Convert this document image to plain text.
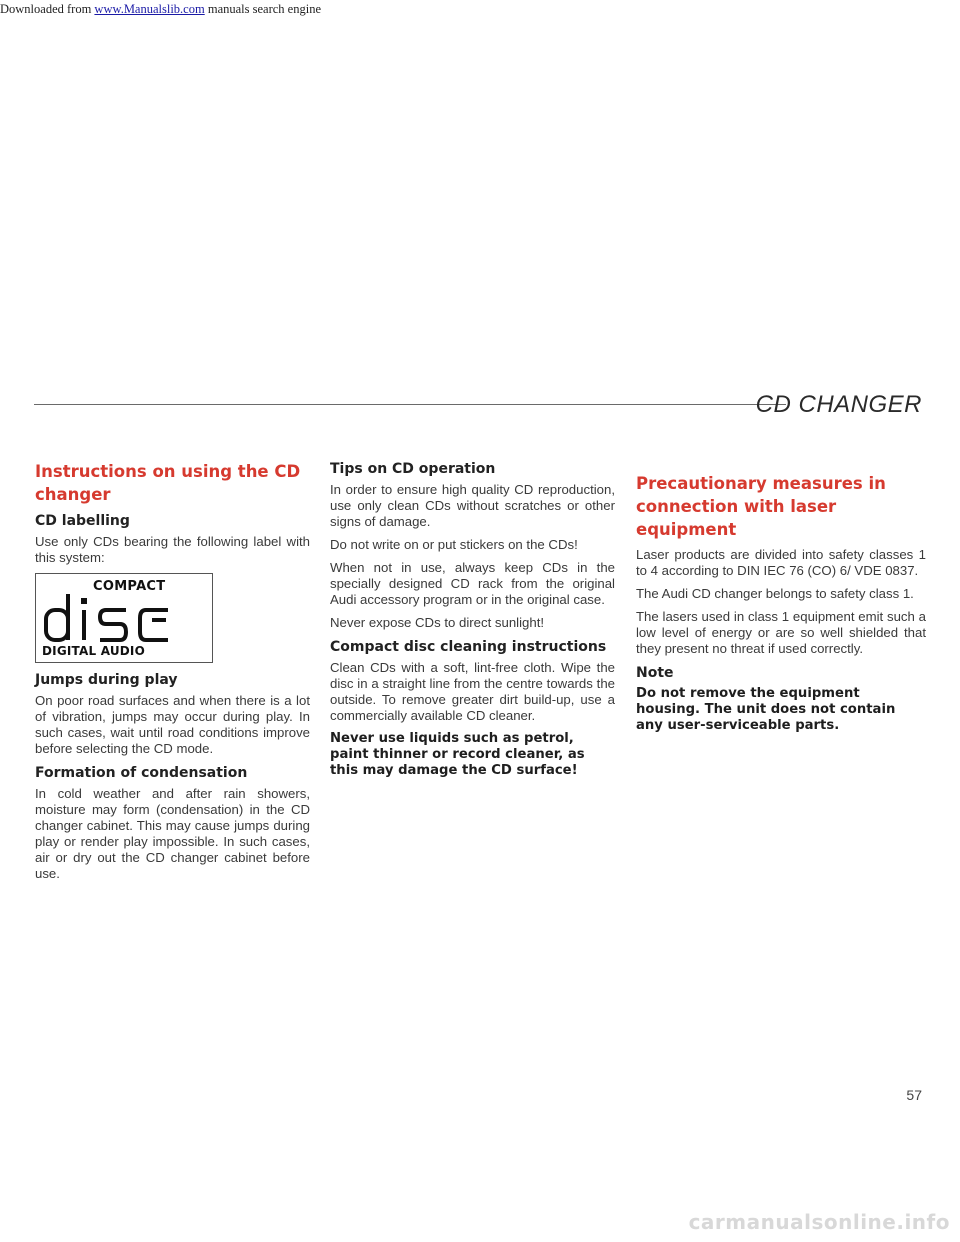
Downloaded from www.Manualslib.com manuals search engine
CD CHANGER
Instructions on using the CD changer
CD labelling

Use only CDs bearing the following label with this system:

COMPACT
DIGITAL AUDIO
Jumps during play

On poor road surfaces and when there is a lot of vibration, jumps may occur during play. In such cases, wait until road conditions improve before selecting the CD mode.

Formation of condensation

In cold weather and after rain showers, moisture may form (condensation) in the CD changer cabinet. This may cause jumps during play or render play impossible. In such cases, air or dry out the CD changer cabinet before use.

Tips on CD operation

In order to ensure high quality CD reproduction, use only clean CDs without scratches or other signs of damage.

Do not write on or put stickers on the CDs!

When not in use, always keep CDs in the specially designed CD rack from the original Audi accessory program or in the original case.

Never expose CDs to direct sunlight!

Compact disc cleaning instructions

Clean CDs with a soft, lint-free cloth. Wipe the disc in a straight line from the centre towards the outside. To remove greater dirt build-up, use a commercially available CD cleaner.

Never use liquids such as petrol, paint thinner or record cleaner, as this may damage the CD surface!

Precautionary measures in connection with laser equipment

Laser products are divided into safety classes 1 to 4 according to DIN IEC 76 (CO) 6/ VDE 0837.

The Audi CD changer belongs to safety class 1.

The lasers used in class 1 equipment emit such a low level of energy or are so well shielded that they present no threat if used correctly.

Note

Do not remove the equipment housing. The unit does not contain any user-serviceable parts.

57
carmanualsonline.info
